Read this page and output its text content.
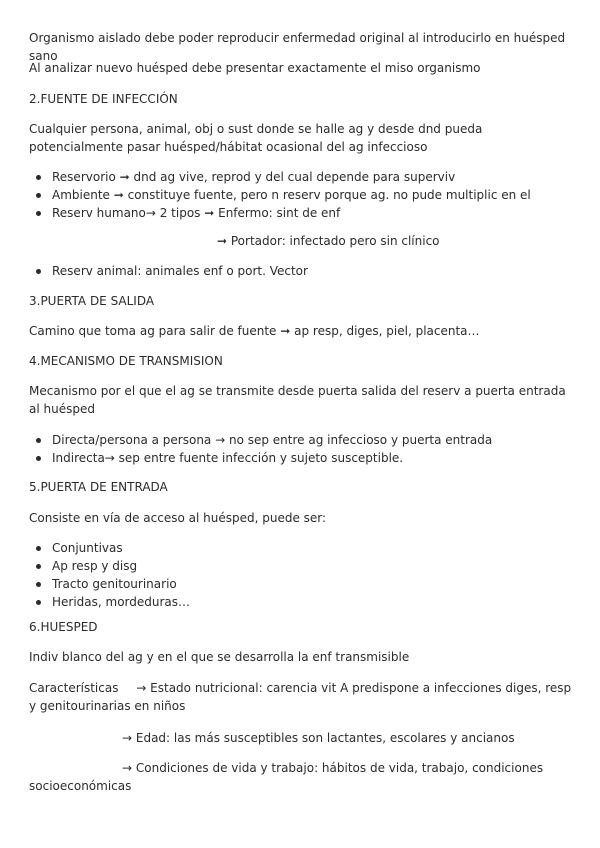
Organismo aislado debe poder reproducir enfermedad original al introducirlo en huésped sano

Al analizar nuevo huésped debe presentar exactamente el miso organismo

2.FUENTE DE INFECCIÓN

Cualquier persona, animal, obj o sust donde se halle ag y desde dnd pueda potencialmente pasar huésped/hábitat ocasional del ag infeccioso

Reservorio ➞ dnd ag vive, reprod y del cual depende para superviv
Ambiente ➞ constituye fuente, pero n reserv porque ag. no pude multiplic en el
Reserv humano→ 2 tipos ➞ Enfermo: sint de enf

➞ Portador: infectado pero sin clínico

Reserv animal: animales enf o port. Vector

3.PUERTA DE SALIDA

Camino que toma ag para salir de fuente ➞ ap resp, diges, piel, placenta…

4.MECANISMO DE TRANSMISION

Mecanismo por el que el ag se transmite desde puerta salida del reserv a puerta entrada al huésped

Directa/persona a persona → no sep entre ag infeccioso y puerta entrada
Indirecta→ sep entre fuente infección y sujeto susceptible.

5.PUERTA DE ENTRADA

Consiste en vía de acceso al huésped, puede ser:

Conjuntivas
Ap resp y disg
Tracto genitourinario
Heridas, mordeduras…

6.HUESPED

Indiv blanco del ag y en el que se desarrolla la enf transmisible

Características → Estado nutricional: carencia vit A predispone a infecciones diges, resp y genitourinarias en niños

→ Edad: las más susceptibles son lactantes, escolares y ancianos

→ Condiciones de vida y trabajo: hábitos de vida, trabajo, condiciones socioeconómicas
